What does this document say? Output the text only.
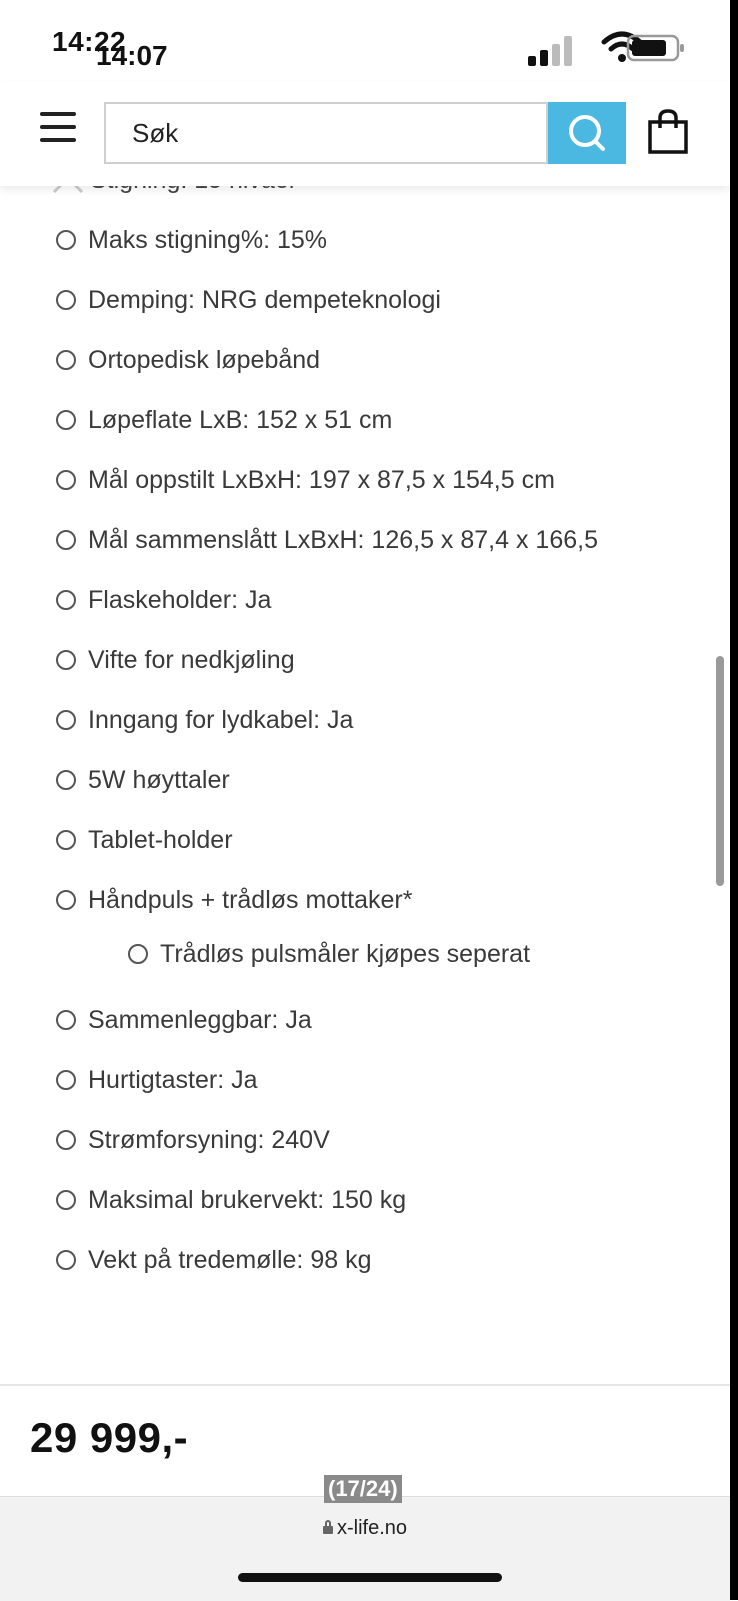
14:22
14:07
Søk
Maks stigning%: 15%
Demping: NRG dempeteknologi
Ortopedisk løpebånd
Løpeflate LxB: 152 x 51 cm
Mål oppstilt LxBxH: 197 x 87,5 x 154,5 cm
Mål sammenslått LxBxH: 126,5 x 87,4 x 166,5
Flaskeholder: Ja
Vifte for nedkjøling
Inngang for lydkabel: Ja
5W høyttaler
Tablet-holder
Håndpuls + trådløs mottaker*
Trådløs pulsmåler kjøpes seperat
Sammenleggbar: Ja
Hurtigtaster: Ja
Strømforsyning: 240V
Maksimal brukervekt: 150 kg
Vekt på tredemølle: 98 kg
29 999,-
(17/24)
x-life.no
